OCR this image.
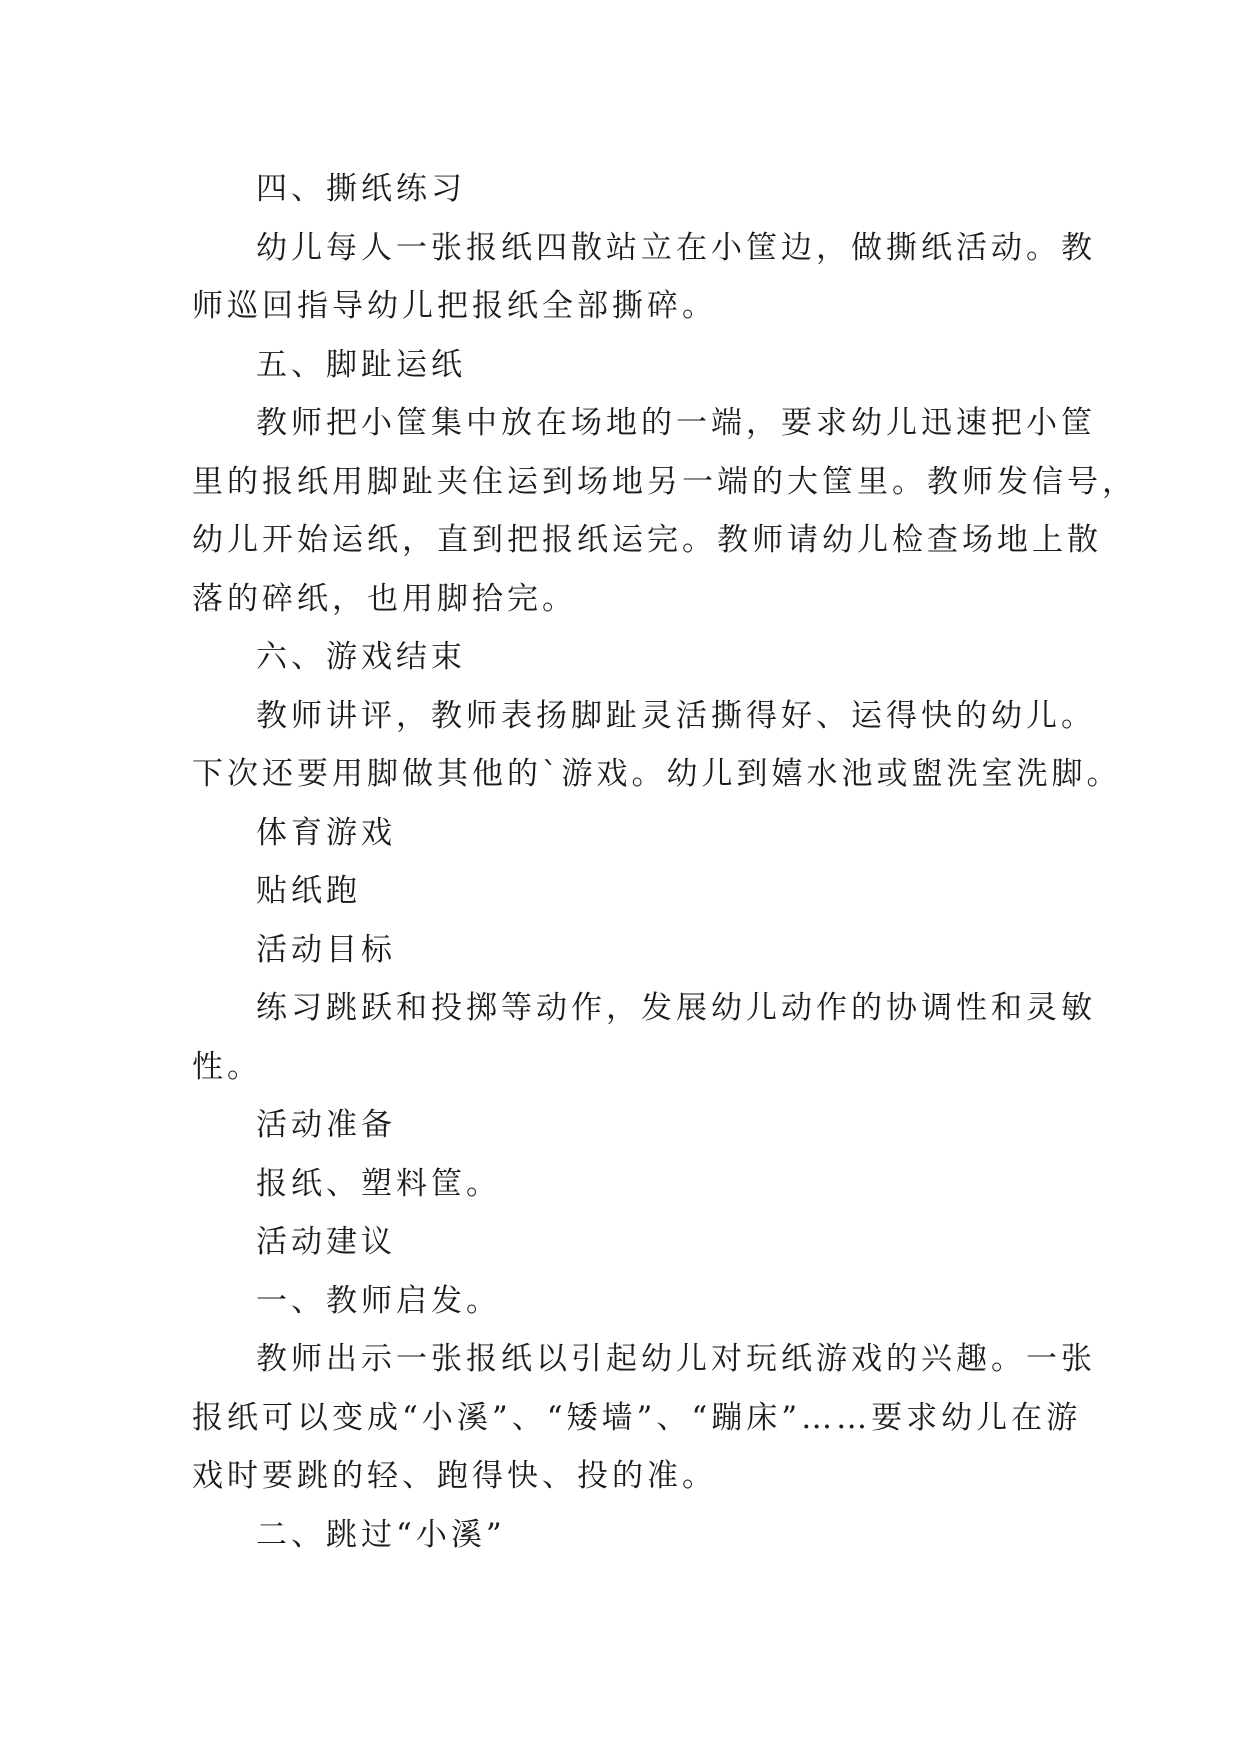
四、撕纸练习
幼儿每人一张报纸四散站立在小筐边，做撕纸活动。教
师巡回指导幼儿把报纸全部撕碎。
五、脚趾运纸
教师把小筐集中放在场地的一端，要求幼儿迅速把小筐
里的报纸用脚趾夹住运到场地另一端的大筐里。教师发信号，
幼儿开始运纸，直到把报纸运完。教师请幼儿检查场地上散
落的碎纸，也用脚拾完。
六、游戏结束
教师讲评，教师表扬脚趾灵活撕得好、运得快的幼儿。
下次还要用脚做其他的`游戏。幼儿到嬉水池或盥洗室洗脚。
体育游戏
贴纸跑
活动目标
练习跳跃和投掷等动作，发展幼儿动作的协调性和灵敏
性。
活动准备
报纸、塑料筐。
活动建议
一、教师启发。
教师出示一张报纸以引起幼儿对玩纸游戏的兴趣。一张
报纸可以变成“小溪”、“矮墙”、“蹦床”……要求幼儿在游
戏时要跳的轻、跑得快、投的准。
二、跳过“小溪”
